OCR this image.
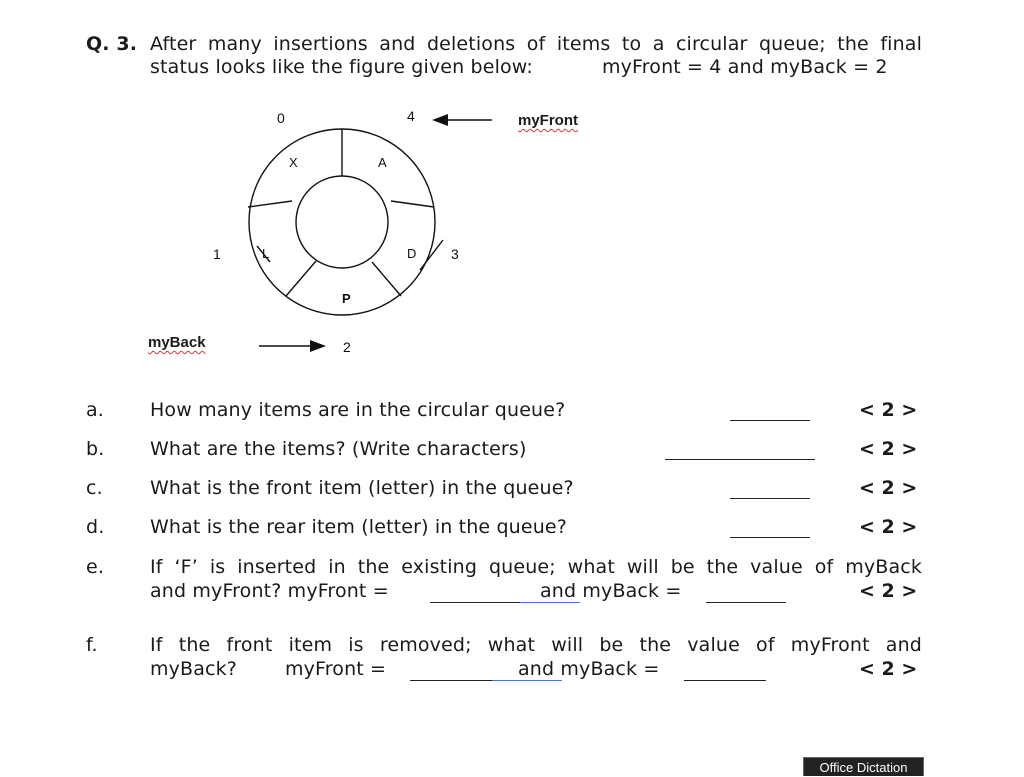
Q. 3. After many insertions and deletions of items to a circular queue; the final
status looks like the figure given below:	myFront = 4 and myBack = 2
0	4
1	3
2
X	A
L	D
P
myFront
myBack
a. How many items are in the circular queue?	< 2 >
b. What are the items? (Write characters)	< 2 >
c. What is the front item (letter) in the queue?	< 2 >
d. What is the rear item (letter) in the queue?	< 2 >
e. If ‘F’ is inserted in the existing queue; what will be the value of myBack
and myFront? myFront =	and myBack =	< 2 >
f.	If the front item is removed; what will be the value of myFront and
myBack?	myFront =	and myBack =	< 2 >
Office Dictation
